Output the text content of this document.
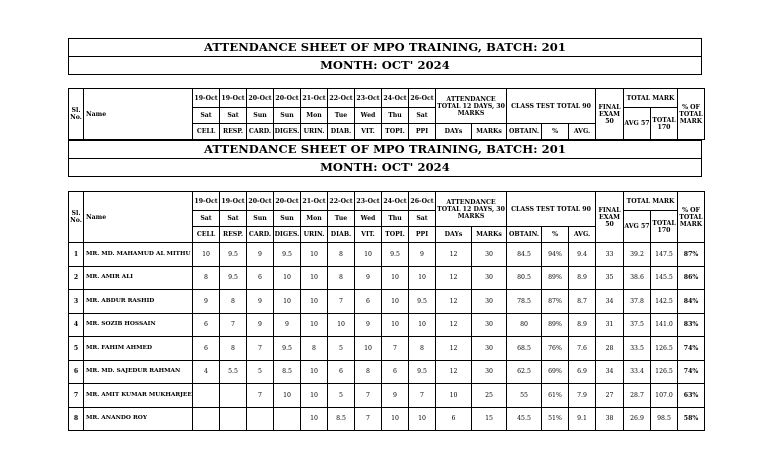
ATTENDANCE SHEET OF MPO TRAINING, BATCH: 201
MONTH: OCT' 2024
Sl. No.	Name	19-Oct	19-Oct	20-Oct	20-Oct	21-Oct	22-Oct	23-Oct	24-Oct	26-Oct	ATTENDANCE TOTAL 12 DAYS, 30 MARKS		CLASS TEST TOTAL 90			FINAL EXAM 50	TOTAL MARK		% OF TOTAL MARK
		Sat	Sat	Sun	Sun	Mon	Tue	Wed	Thu	Sat							AVG 57	TOTAL 170	
		CELL	RESP.	CARD.	DIGES.	URIN.	DIAB.	VIT.	TOPI.	PPI	DAYs	MARKs	OBTAIN.	%	AVG.				
ATTENDANCE SHEET OF MPO TRAINING, BATCH: 201
MONTH: OCT' 2024
Sl. No.	Name	19-Oct	19-Oct	20-Oct	20-Oct	21-Oct	22-Oct	23-Oct	24-Oct	26-Oct	ATTENDANCE TOTAL 12 DAYS, 30 MARKS		CLASS TEST TOTAL 90			FINAL EXAM 50	TOTAL MARK		% OF TOTAL MARK
		Sat	Sat	Sun	Sun	Mon	Tue	Wed	Thu	Sat							AVG 57	TOTAL 170	
		CELL	RESP.	CARD.	DIGES.	URIN.	DIAB.	VIT.	TOPI.	PPI	DAYs	MARKs	OBTAIN.	%	AVG.				
1	MR. MD. MAHAMUD AL MITHU	10	9.5	9	9.5	10	8	10	9.5	9	12	30	84.5	94%	9.4	33	39.2	147.5	87%
2	MR. AMIR ALI	8	9.5	6	10	10	8	9	10	10	12	30	80.5	89%	8.9	35	38.6	145.5	86%
3	MR. ABDUR RASHID	9	8	9	10	10	7	6	10	9.5	12	30	78.5	87%	8.7	34	37.8	142.5	84%
4	MR. SOZIB HOSSAIN	6	7	9	9	10	10	9	10	10	12	30	80	89%	8.9	31	37.5	141.0	83%
5	MR. FAHIM AHMED	6	8	7	9.5	8	5	10	7	8	12	30	68.5	76%	7.6	28	33.5	126.5	74%
6	MR. MD. SAJEDUR RAHMAN	4	5.5	5	8.5	10	6	8	6	9.5	12	30	62.5	69%	6.9	34	33.4	126.5	74%
7	MR. AMIT KUMAR MUKHARJEE			7	10	10	5	7	9	7	10	25	55	61%	7.9	27	28.7	107.0	63%
8	MR. ANANDO ROY					10	8.5	7	10	10	6	15	45.5	51%	9.1	38	26.9	98.5	58%
